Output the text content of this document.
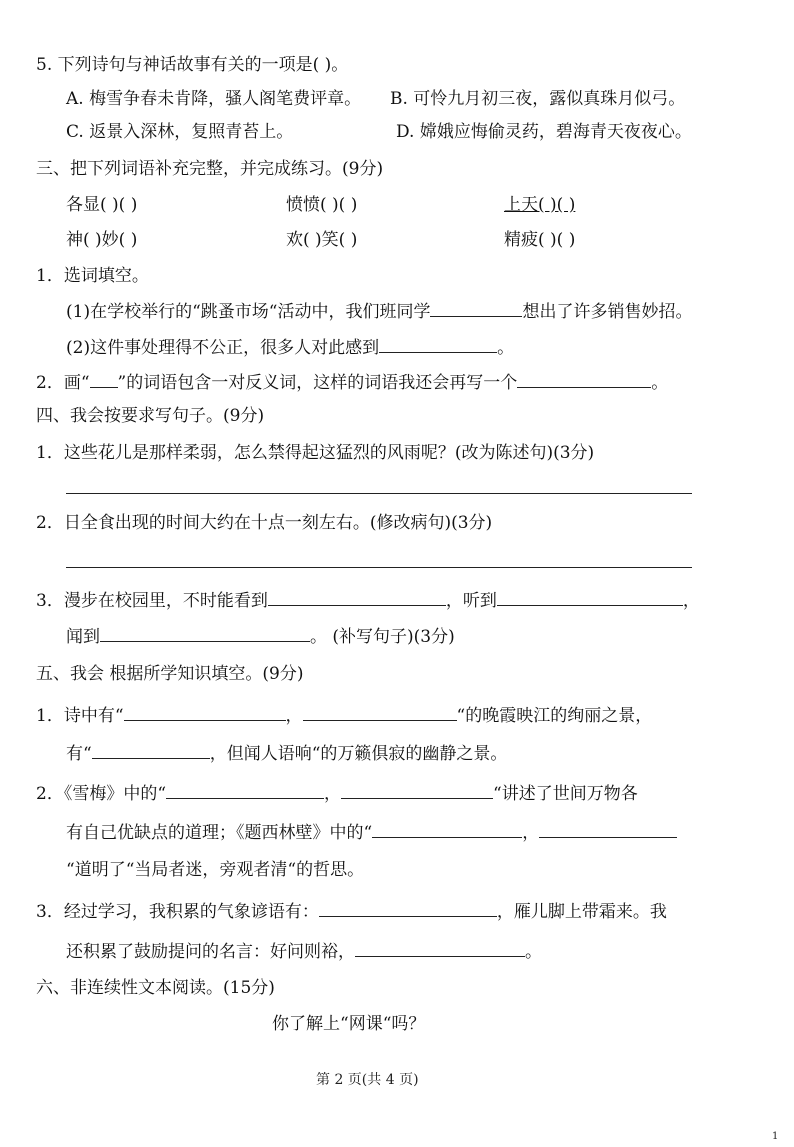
5. 下列诗句与神话故事有关的一项是( )。
A. 梅雪争春未肯降，骚人阁笔费评章。 B. 可怜九月初三夜，露似真珠月似弓。
C. 返景入深林，复照青苔上。	D. 嫦娥应悔偷灵药，碧海青天夜夜心。
三、把下列词语补充完整，并完成练习。(9分)
各显( )( )	愤愤( )( )	上天( )( )
神( )妙( )	欢( )笑( )	精疲( )( )
1．选词填空。
(1)在学校举行的“跳蚤市场“活动中，我们班同学	想出了许多销售妙招。
(2)这件事处理得不公正，很多人对此感到	。
2．画“ ”的词语包含一对反义词，这样的词语我还会再写一个	。
四、我会按要求写句子。(9分)
1．这些花儿是那样柔弱，怎么禁得起这猛烈的风雨呢？(改为陈述句)(3分)
2．日全食出现的时间大约在十点一刻左右。(修改病句)(3分)
3．漫步在校园里，不时能看到	，听到	，
闻到	。 (补写句子)(3分)
五、我会 根据所学知识填空。(9分)
1．诗中有“	，	“的晚霞映江的绚丽之景，
有“	，但闻人语响“的万籁俱寂的幽静之景。
2．《雪梅》中的“	，	“讲述了世间万物各
有自己优缺点的道理；《题西林壁》中的“	，
“道明了“当局者迷，旁观者清“的哲思。
3．经过学习，我积累的气象谚语有：	，雁儿脚上带霜来。我
还积累了鼓励提问的名言：好问则裕，	。
六、非连续性文本阅读。(15分)
你了解上“网课“吗？
第 2 页(共 4 页)
1
